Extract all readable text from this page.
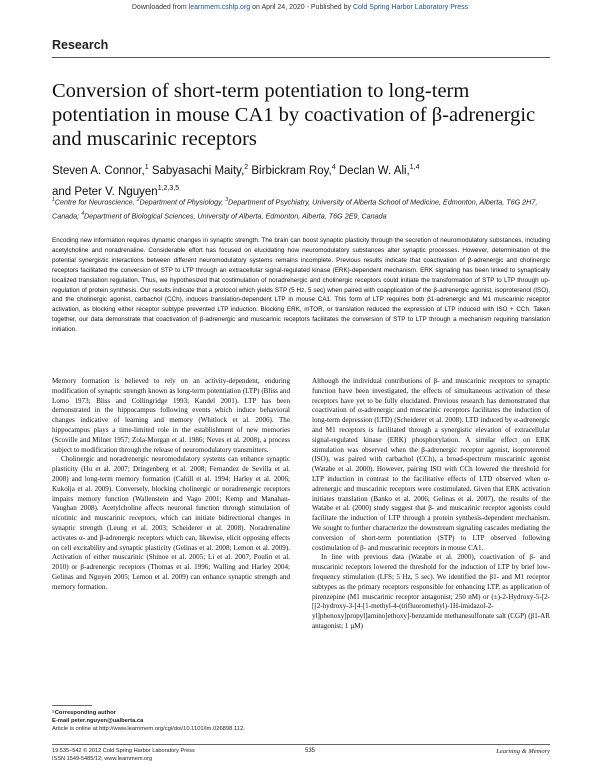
Downloaded from learnmem.cshlp.org on April 24, 2020 - Published by Cold Spring Harbor Laboratory Press
Research
Conversion of short-term potentiation to long-term potentiation in mouse CA1 by coactivation of β-adrenergic and muscarinic receptors
Steven A. Connor,$^1$ Sabyasachi Maity,$^2$ Birbickram Roy,$^4$ Declan W. Ali,$^{1,4}$
and Peter V. Nguyen$^{1,2,3,5}$
$^1$Centre for Neuroscience, $^2$Department of Physiology, $^3$Department of Psychiatry, University of Alberta School of Medicine, Edmonton, Alberta, T6G 2H7, Canada; $^4$Department of Biological Sciences, University of Alberta, Edmonton, Alberta, T6G 2E9, Canada
Encoding new information requires dynamic changes in synaptic strength. The brain can boost synaptic plasticity through the secretion of neuromodulatory substances, including acetylcholine and noradrenaline. Considerable effort has focused on elucidating how neuromodulatory substances alter synaptic processes. However, determination of the potential synergistic interactions between different neuromodulatory systems remains incomplete. Previous results indicate that coactivation of β-adrenergic and cholinergic receptors facilitated the conversion of STP to LTP through an extracellular signal-regulated kinase (ERK)-dependent mechanism. ERK signaling has been linked to synaptically localized translation regulation. Thus, we hypothesized that costimulation of noradrenergic and cholinergic receptors could initiate the transformation of STP to LTP through up-regulation of protein synthesis. Our results indicate that a protocol which yields STP (5 Hz, 5 sec) when paired with coapplication of the β-adrenergic agonist, isoproterenol (ISO), and the cholinergic agonist, carbachol (CCh), induces translation-dependent LTP in mouse CA1. This form of LTP requires both β1-adrenergic and M1 muscarinic receptor activation, as blocking either receptor subtype prevented LTP induction. Blocking ERK, mTOR, or translation reduced the expression of LTP induced with ISO + CCh. Taken together, our data demonstrate that coactivation of β-adrenergic and muscarinic receptors facilitates the conversion of STP to LTP through a mechanism requiring translation initiation.

Memory formation is believed to rely on an activity-dependent, enduring modification of synaptic strength known as long-term potentiation (LTP) (Bliss and Lomo 1973; Bliss and Collingridge 1993; Kandel 2001). LTP has been demonstrated in the hippocampus following events which induce behavioral changes indicative of learning and memory (Whitlock et al. 2006). The hippocampus plays a time-limited role in the establishment of new memories (Scoville and Milner 1957; Zola-Morgan et al. 1986; Neves et al. 2008), a process subject to modification through the release of neuromodulatory transmitters.

Cholinergic and noradrenergic neuromodulatory systems can enhance synaptic plasticity (Hu et al. 2007; Dringenberg et al. 2008; Fernandez de Sevilla et al. 2008) and long-term memory formation (Cahill et al. 1994; Harley et al. 2006; Kukolja et al. 2009). Conversely, blocking cholinergic or noradrenergic receptors impairs memory function (Wallenstein and Vago 2001; Kemp and Manahan-Vaughan 2008). Acetylcholine affects neuronal function through stimulation of nicotinic and muscarinic receptors, which can initiate bidirectional changes in synaptic strength (Leung et al. 2003; Scheiderer et al. 2008). Noradrenaline activates α- and β-adrenergic receptors which can, likewise, elicit opposing effects on cell excitability and synaptic plasticity (Gelinas et al. 2008; Lemon et al. 2009). Activation of either muscarinic (Shinoe et al. 2005; Li et al. 2007; Poulin et al. 2010) or β-adrenergic receptors (Thomas et al. 1996; Walling and Harley 2004; Gelinas and Nguyen 2005; Lemon et al. 2009) can enhance synaptic strength and memory formation.

Although the individual contributions of β- and muscarinic receptors to synaptic function have been investigated, the effects of simultaneous activation of these receptors have yet to be fully elucidated. Previous research has demonstrated that coactivation of α-adrenergic and muscarinic receptors facilitates the induction of long-term depression (LTD) (Scheiderer et al. 2008). LTD induced by α-adrenergic and M1 receptors is facilitated through a synergistic elevation of extracellular signal-regulated kinase (ERK) phosphorylation. A similar effect on ERK stimulation was observed when the β-adrenergic receptor agonist, isoproterenol (ISO), was paired with carbachol (CCh), a broad-spectrum muscarinic agonist (Watabe et al. 2000). However, pairing ISO with CCh lowered the threshold for LTP induction in contrast to the facilitative effects of LTD observed when α-adrenergic and muscarinic receptors were costimulated. Given that ERK activation initiates translation (Banko et al. 2006; Gelinas et al. 2007), the results of the Watabe et al. (2000) study suggest that β- and muscarinic receptor agonists could facilitate the induction of LTP through a protein synthesis-dependent mechanism. We sought to further characterize the downstream signaling cascades mediating the conversion of short-term potentiation (STP) to LTP observed following costimulation of β- and muscarinic receptors in mouse CA1.

In line with previous data (Watabe et al. 2000), coactivation of β- and muscarinic receptors lowered the threshold for the induction of LTP by brief low-frequency stimulation (LFS; 5 Hz, 5 sec). We identified the β1- and M1 receptor subtypes as the primary receptors responsible for enhancing LTP, as application of pirenzepine (M1 muscarinic receptor antagonist; 250 nM) or (±)-2-Hydroxy-5-[2-[[2-hydroxy-3-[4-[1-methyl-4-(trifluoromethyl)-1H-imidazol-2-yl]phenoxy]propyl]amino]ethoxy]-benzamide methanesulfonate salt (CGP) (β1-AR antagonist; 1 µM)

⁵Corresponding author
E-mail peter.nguyen@ualberta.ca
Article is online at http://www.learnmem.org/cgi/doi/10.1101/lm.026898.112.
19:535–542 © 2012 Cold Spring Harbor Laboratory Press
ISSN 1549-5485/12; www.learnmem.org
535	Learning & Memory
